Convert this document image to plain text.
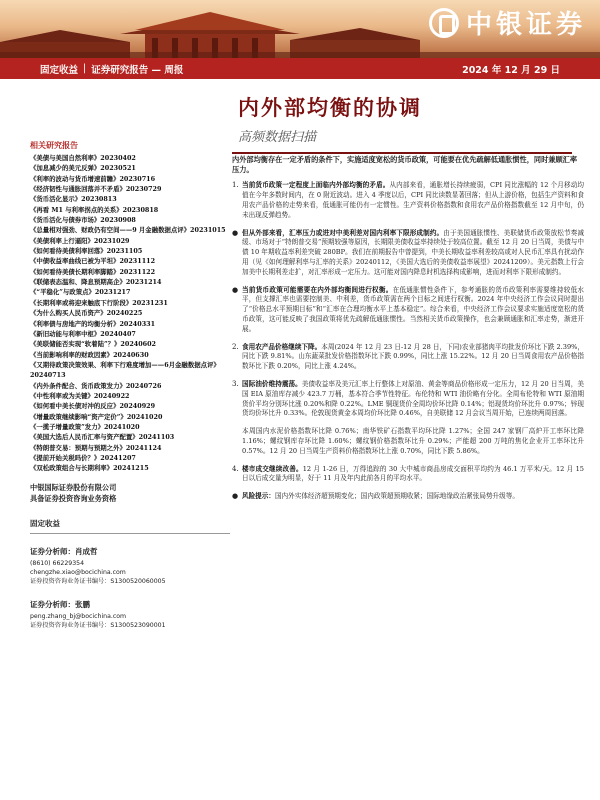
中银证券
固定收益 | 证券研究报告 — 周报	2024 年 12 月 29 日
内外部均衡的协调
高频数据扫描
相关研究报告
《美债与美国自然利率》20230402
《加息减少的美元反弹》20230521
《利率的波动与货币增速前瞻》20230716
《经济韧性与通胀回落并不矛盾》20230729
《货币活化显示》20230813
《再看 M1 与利率拐点的关系》20230818
《货币活化与债券市场》20230908
《总量相对强劲、财政仍有空间——9 月金融数据点评》20231015
《美债利率上行逼阳》20231029
《如何看待美债利率回落》20231105
《中债收益率曲线已被为平坦》20231112
《如何看待美债长期利率脚踏》20231122
《联储表态温和、降息预期高企》20231214
《“平稳化”与政策点》20231217
《长期利率或将迎来触底下行阶段》20231231
《为什么购买人民币资产》20240225
《利率债与房地产的均衡分析》20240331
《新旧动能与利率中枢》20240407
《美联储能否实现“软着陆”？》20240602
《当前影响利率的财政因素》20240630
《又期待政策决策效果、利率下行难度增加——6月金融数据点评》20240713
《内外条件配合、货币政策发力》20240726
《中性利率或为关键》20240922
《如何看中美长债对冲的反应》20240929
《增量政策继续影响“资产定价”》20241020
《一揽子增量政策”发力》20241020
《美国大选后人民币汇率与资产配置》20241103
《特朗普交易：预期与预期之外》20241124
《提前开始关税吗价？》20241207
《双松政策组合与长期利率》20241215
中银国际证券股份有限公司
具备证券投资咨询业务资格
固定收益
证券分析师：肖成哲
(8610) 66229354
chengzhe.xiao@bocichina.com
证券投资咨询业务证书编号：S1300520060005
证券分析师：张鹏
peng.zhang_bj@bocichina.com
证券投资咨询业务证书编号：S1300523090001

内外部均衡存在一定矛盾的条件下，实施适度宽松的货币政策，可能要在优先疏解低通胀惯性，同时兼顾汇率压力。

1. 当前货币政策一定程度上面临内外部均衡的矛盾。从内部来看，通胀增长持续疲弱，CPI 同比涨幅的 12 个月移动均值在今年多数时间内，在 0 附近波动。进入 4 季度以后，CPI 同比读数显著回落；但从上游价格，包括生产资料和食用农产品价格的走势来看，低通胀可能仍有一定惯性。生产资料价格指数和食用农产品价格指数截至 12 月中旬，仍未出现反弹趋势。

● 但从外部来看，汇率压力或进对中美利差对国内利率下限形成制约。由于美国通胀惯性、美联储货币政策放松节奏减缓、市场对于“特朗普交易”预期较强等原因，长期限美债收益率持续处于较高位置。截至 12 月 20 日当周，美债与中债 10 年期收益率利差突破 280BP。我们在前期报告中曾提到，中美长期收益率利差较高或对人民币汇率具有扰动作用（见《如何理解利率与汇率的关系》20240112，《美国大选后的美债收益率展望》20241209）。美元指数上行会加美中长期利差走扩，对汇率形成一定压力。这可能对国内降息时机选择构成影响，进而对利率下限形成制约。

● 当前货币政策可能需要在内外部均衡间进行权衡。在低通胀惯性条件下，参考通胀的货币政策利率需要维持较低水平，但支撑汇率也需要控制美、中利差，货币政策需在两个目标之间进行权衡。2024 年中央经济工作会议同时提出了“价格总水平预期目标”和“汇率在合理均衡水平上基本稳定”。综合来看，中央经济工作会议要求实施适度宽松的货币政策，这可能反映了我国政策将优先疏解低通胀惯性。当然相关货币政策操作，也会兼顾通胀和汇率走势，渐进开展。

2. 食用农产品价格继续下降。本周(2024 年 12 月 23 日-12 月 28 日，下同)农业部猪肉平均批发价环比下跌 2.39%，同比下跌 9.81%。山东蔬菜批发价格指数环比下跌 0.99%，同比上涨 15.22%。12 月 20 日当周食用农产品价格指数环比下跌 0.20%，同比上涨 4.24%。

3. 国际油价维持震荡。美债收益率及美元汇率上行整体上对原油、黄金等商品价格形成一定压力，12 月 20 日当周，美国 EIA 原油库存减少 423.7 万桶，基本符合季节性特征。布伦特和 WTI 油价略有分化。全周布伦特和 WTI 原油期货价平均分别环比涨 0.20%和降 0.22%。LME 铜现货价全周均价环比降 0.14%；铝现货均价环比升 0.97%；锌现货均价环比升 0.33%。伦敦现货黄金本周均价环比降 0.46%，自美联储 12 月会议当周开始，已连续两周回落。

本周国内水泥价格指数环比降 0.76%；南华铁矿石指数平均环比降 1.27%；全国 247 家钢厂高炉开工率环比降 1.16%；螺纹钢库存环比降 1.60%；螺纹钢价格指数环比升 0.29%；产能超 200 万吨的焦化企业开工率环比升 0.57%。12 月 20 日当周生产资料价格指数环比上涨 0.70%，同比下跌 5.86%。

4. 楼市成交继续改善。12 月 1-26 日，万得追踪的 30 大中城市商品房成交面积平均约为 46.1 万平米/天。12 月 15 日以后成交量为明显，好于 11 月及年内此前各月的平均水平。

● 风险提示：国内外实体经济超预期变化；国内政策超预期收紧；国际地缘政治紧张局势升级等。
